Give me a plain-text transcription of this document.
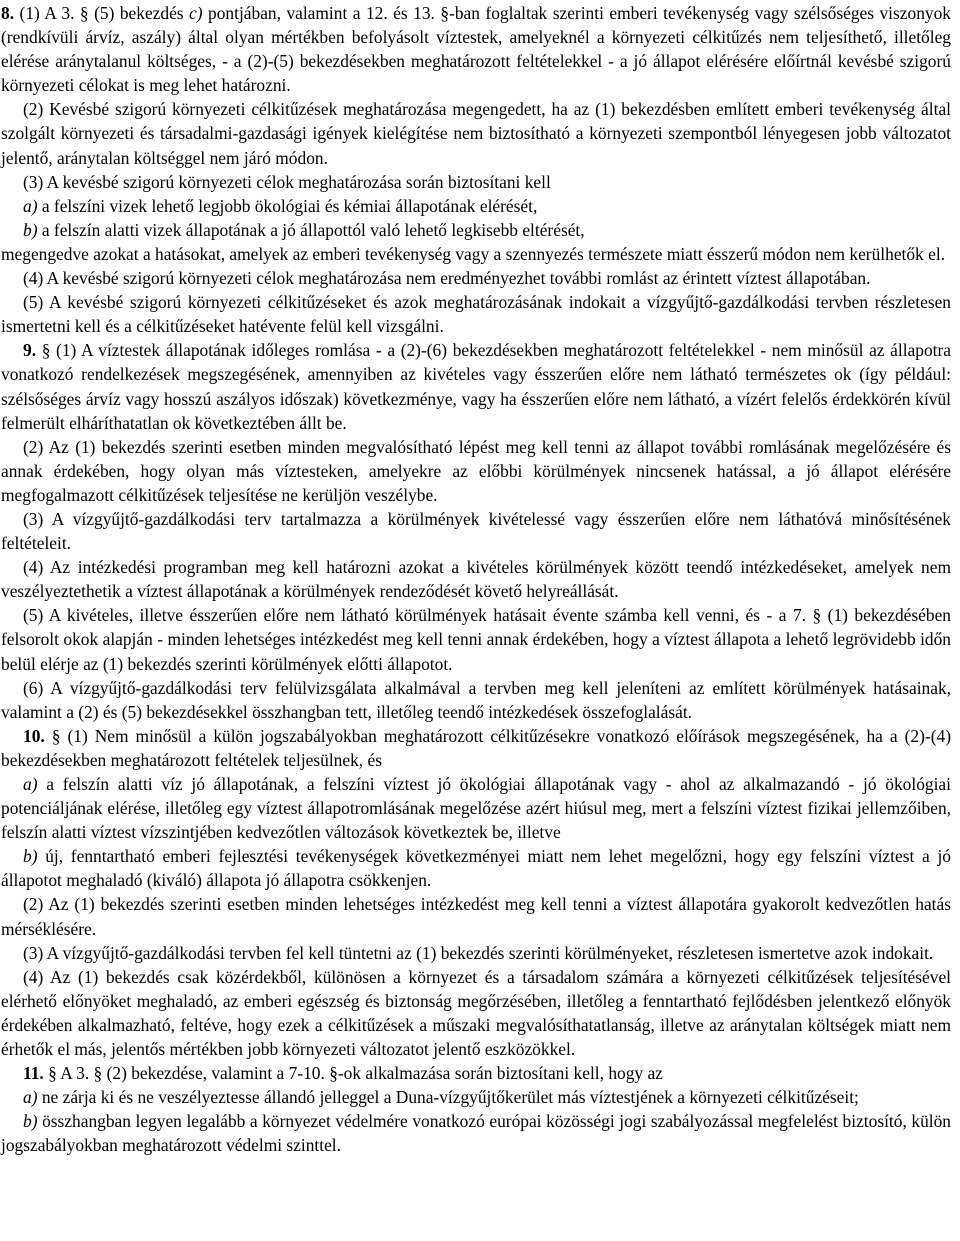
8. (1) A 3. § (5) bekezdés c) pontjában, valamint a 12. és 13. §-ban foglaltak szerinti emberi tevékenység vagy szélsőséges viszonyok (rendkívüli árvíz, aszály) által olyan mértékben befolyásolt víztestek, amelyeknél a környezeti célkitűzés nem teljesíthető, illetőleg elérése aránytalanul költséges, - a (2)-(5) bekezdésekben meghatározott feltételekkel - a jó állapot elérésére előírtnál kevésbé szigorú környezeti célokat is meg lehet határozni.

(2) Kevésbé szigorú környezeti célkitűzések meghatározása megengedett, ha az (1) bekezdésben említett emberi tevékenység által szolgált környezeti és társadalmi-gazdasági igények kielégítése nem biztosítható a környezeti szempontból lényegesen jobb változatot jelentő, aránytalan költséggel nem járó módon.

(3) A kevésbé szigorú környezeti célok meghatározása során biztosítani kell

a) a felszíni vizek lehető legjobb ökológiai és kémiai állapotának elérését,

b) a felszín alatti vizek állapotának a jó állapottól való lehető legkisebb eltérését,

megengedve azokat a hatásokat, amelyek az emberi tevékenység vagy a szennyezés természete miatt ésszerű módon nem kerülhetők el.

(4) A kevésbé szigorú környezeti célok meghatározása nem eredményezhet további romlást az érintett víztest állapotában.

(5) A kevésbé szigorú környezeti célkitűzéseket és azok meghatározásának indokait a vízgyűjtő-gazdálkodási tervben részletesen ismertetni kell és a célkitűzéseket hatévente felül kell vizsgálni.

9. § (1) A víztestek állapotának időleges romlása - a (2)-(6) bekezdésekben meghatározott feltételekkel - nem minősül az állapotra vonatkozó rendelkezések megszegésének, amennyiben az kivételes vagy ésszerűen előre nem látható természetes ok (így például: szélsőséges árvíz vagy hosszú aszályos időszak) következménye, vagy ha ésszerűen előre nem látható, a vízért felelős érdekkörén kívül felmerült elháríthatatlan ok következtében állt be.

(2) Az (1) bekezdés szerinti esetben minden megvalósítható lépést meg kell tenni az állapot további romlásának megelőzésére és annak érdekében, hogy olyan más víztesteken, amelyekre az előbbi körülmények nincsenek hatással, a jó állapot elérésére megfogalmazott célkitűzések teljesítése ne kerüljön veszélybe.

(3) A vízgyűjtő-gazdálkodási terv tartalmazza a körülmények kivételessé vagy ésszerűen előre nem láthatóvá minősítésének feltételeit.

(4) Az intézkedési programban meg kell határozni azokat a kivételes körülmények között teendő intézkedéseket, amelyek nem veszélyeztethetik a víztest állapotának a körülmények rendeződését követő helyreállását.

(5) A kivételes, illetve ésszerűen előre nem látható körülmények hatásait évente számba kell venni, és - a 7. § (1) bekezdésében felsorolt okok alapján - minden lehetséges intézkedést meg kell tenni annak érdekében, hogy a víztest állapota a lehető legrövidebb időn belül elérje az (1) bekezdés szerinti körülmények előtti állapotot.

(6) A vízgyűjtő-gazdálkodási terv felülvizsgálata alkalmával a tervben meg kell jeleníteni az említett körülmények hatásainak, valamint a (2) és (5) bekezdésekkel összhangban tett, illetőleg teendő intézkedések összefoglalását.

10. § (1) Nem minősül a külön jogszabályokban meghatározott célkitűzésekre vonatkozó előírások megszegésének, ha a (2)-(4) bekezdésekben meghatározott feltételek teljesülnek, és

a) a felszín alatti víz jó állapotának, a felszíni víztest jó ökológiai állapotának vagy - ahol az alkalmazandó - jó ökológiai potenciáljának elérése, illetőleg egy víztest állapotromlásának megelőzése azért hiúsul meg, mert a felszíni víztest fizikai jellemzőiben, felszín alatti víztest vízszintjében kedvezőtlen változások következtek be, illetve

b) új, fenntartható emberi fejlesztési tevékenységek következményei miatt nem lehet megelőzni, hogy egy felszíni víztest a jó állapotot meghaladó (kiváló) állapota jó állapotra csökkenjen.

(2) Az (1) bekezdés szerinti esetben minden lehetséges intézkedést meg kell tenni a víztest állapotára gyakorolt kedvezőtlen hatás mérséklésére.

(3) A vízgyűjtő-gazdálkodási tervben fel kell tüntetni az (1) bekezdés szerinti körülményeket, részletesen ismertetve azok indokait.

(4) Az (1) bekezdés csak közérdekből, különösen a környezet és a társadalom számára a környezeti célkitűzések teljesítésével elérhető előnyöket meghaladó, az emberi egészség és biztonság megőrzésében, illetőleg a fenntartható fejlődésben jelentkező előnyök érdekében alkalmazható, feltéve, hogy ezek a célkitűzések a műszaki megvalósíthatatlanság, illetve az aránytalan költségek miatt nem érhetők el más, jelentős mértékben jobb környezeti változatot jelentő eszközökkel.

11. § A 3. § (2) bekezdése, valamint a 7-10. §-ok alkalmazása során biztosítani kell, hogy az

a) ne zárja ki és ne veszélyeztesse állandó jelleggel a Duna-vízgyűjtőkerület más víztestjének a környezeti célkitűzéseit;

b) összhangban legyen legalább a környezet védelmére vonatkozó európai közösségi jogi szabályozással megfelelést biztosító, külön jogszabályokban meghatározott védelmi szinttel.
